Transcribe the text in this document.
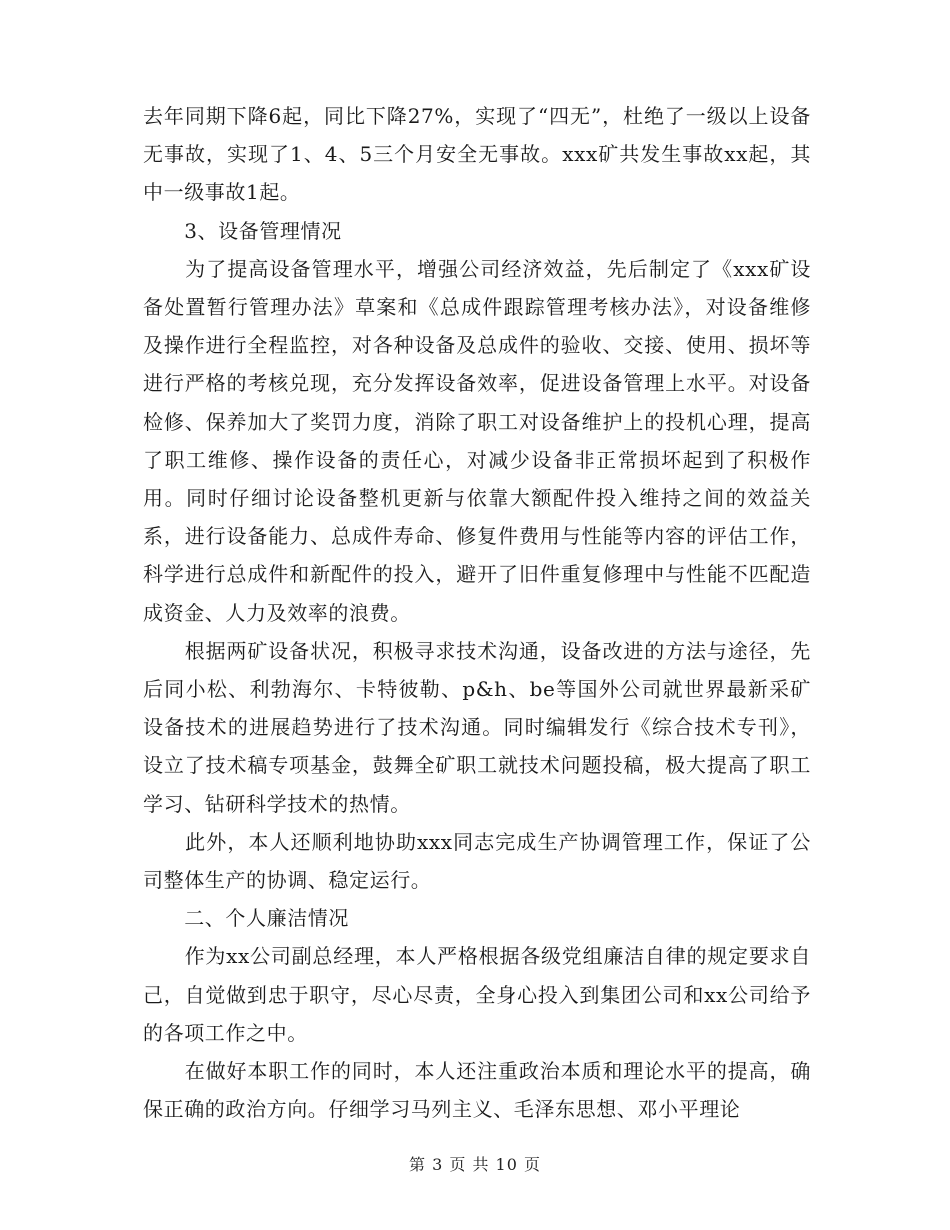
去年同期下降6起，同比下降27%，实现了“四无”，杜绝了一级以上设备无事故，实现了1、4、5三个月安全无事故。xxx矿共发生事故xx起，其中一级事故1起。

　　3、设备管理情况

　　为了提高设备管理水平，增强公司经济效益，先后制定了《xxx矿设备处置暂行管理办法》草案和《总成件跟踪管理考核办法》，对设备维修及操作进行全程监控，对各种设备及总成件的验收、交接、使用、损坏等进行严格的考核兑现，充分发挥设备效率，促进设备管理上水平。对设备检修、保养加大了奖罚力度，消除了职工对设备维护上的投机心理，提高了职工维修、操作设备的责任心，对减少设备非正常损坏起到了积极作用。同时仔细讨论设备整机更新与依靠大额配件投入维持之间的效益关系，进行设备能力、总成件寿命、修复件费用与性能等内容的评估工作，科学进行总成件和新配件的投入，避开了旧件重复修理中与性能不匹配造成资金、人力及效率的浪费。

　　根据两矿设备状况，积极寻求技术沟通，设备改进的方法与途径，先后同小松、利勃海尔、卡特彼勒、p&h、be等国外公司就世界最新采矿设备技术的进展趋势进行了技术沟通。同时编辑发行《综合技术专刊》，设立了技术稿专项基金，鼓舞全矿职工就技术问题投稿，极大提高了职工学习、钻研科学技术的热情。

　　此外，本人还顺利地协助xxx同志完成生产协调管理工作，保证了公司整体生产的协调、稳定运行。

　　二、个人廉洁情况

　　作为xx公司副总经理，本人严格根据各级党组廉洁自律的规定要求自己，自觉做到忠于职守，尽心尽责，全身心投入到集团公司和xx公司给予的各项工作之中。

　　在做好本职工作的同时，本人还注重政治本质和理论水平的提高，确保正确的政治方向。仔细学习马列主义、毛泽东思想、邓小平理论

第 3 页 共 10 页
